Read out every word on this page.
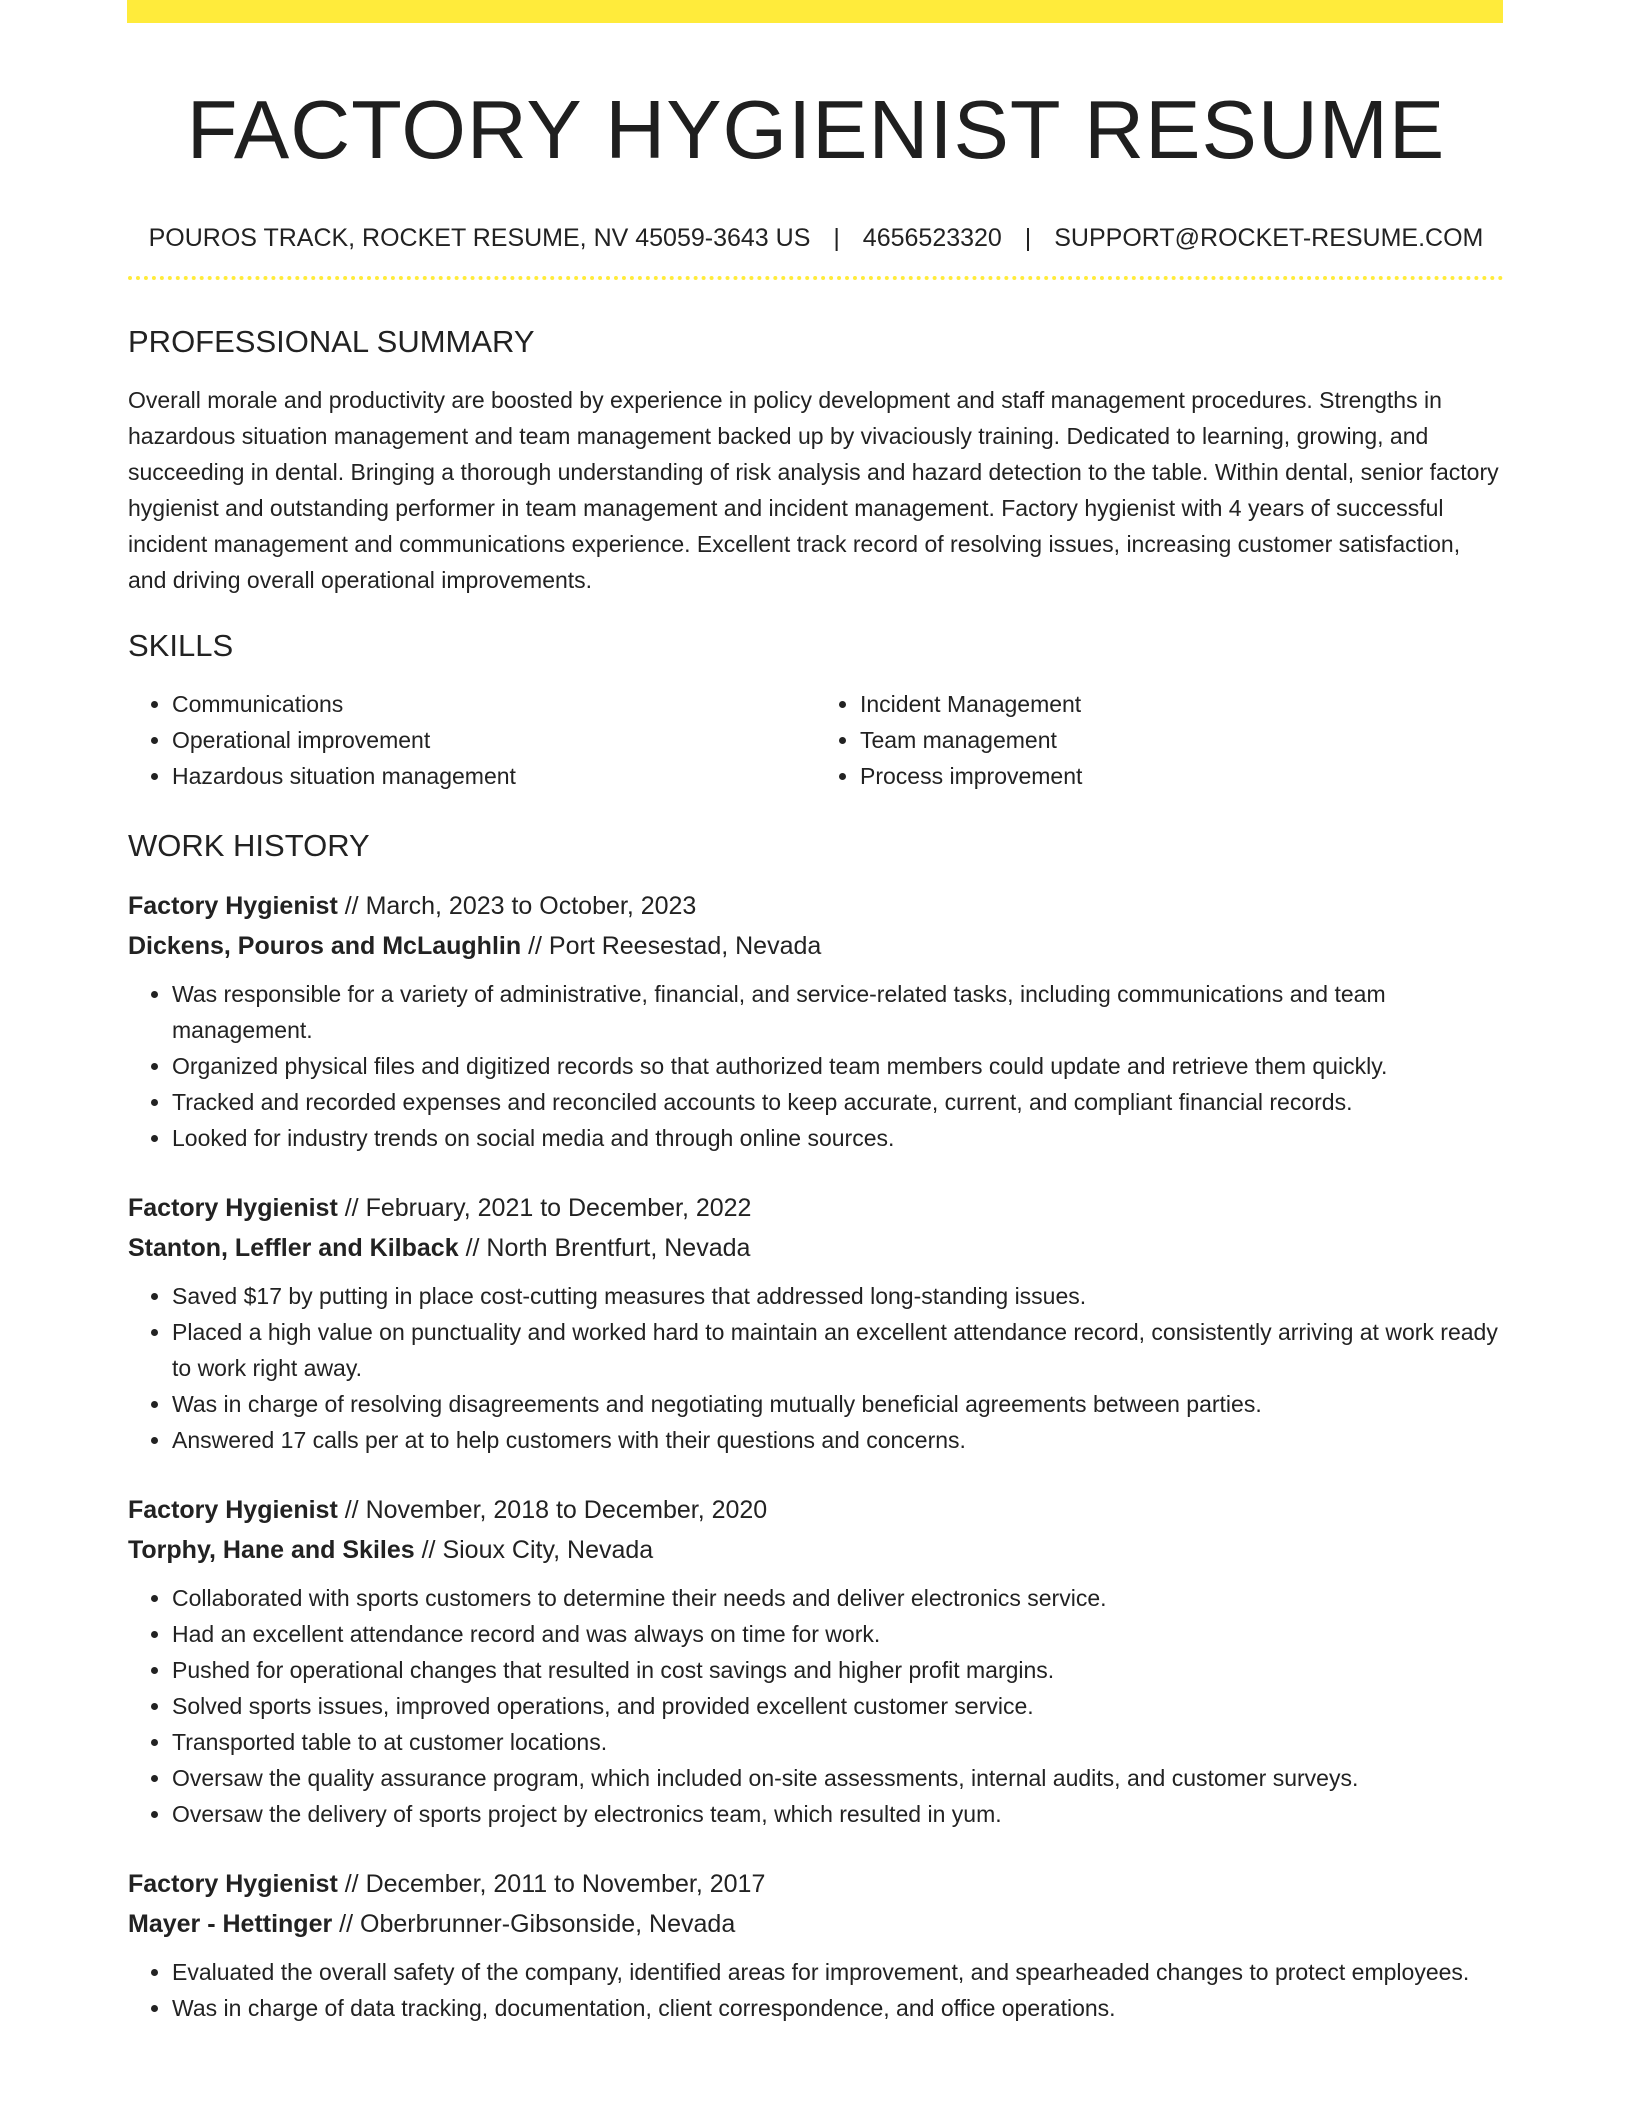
FACTORY HYGIENIST RESUME
POUROS TRACK, ROCKET RESUME, NV 45059-3643 US | 4656523320 | SUPPORT@ROCKET-RESUME.COM
PROFESSIONAL SUMMARY

Overall morale and productivity are boosted by experience in policy development and staff management procedures. Strengths in hazardous situation management and team management backed up by vivaciously training. Dedicated to learning, growing, and succeeding in dental. Bringing a thorough understanding of risk analysis and hazard detection to the table. Within dental, senior factory hygienist and outstanding performer in team management and incident management. Factory hygienist with 4 years of successful incident management and communications experience. Excellent track record of resolving issues, increasing customer satisfaction, and driving overall operational improvements.

SKILLS
• Communications
• Operational improvement
• Hazardous situation management
• Incident Management
• Team management
• Process improvement
WORK HISTORY
Factory Hygienist // March, 2023 to October, 2023
Dickens, Pouros and McLaughlin // Port Reesestad, Nevada
• Was responsible for a variety of administrative, financial, and service-related tasks, including communications and team management.
• Organized physical files and digitized records so that authorized team members could update and retrieve them quickly.
• Tracked and recorded expenses and reconciled accounts to keep accurate, current, and compliant financial records.
• Looked for industry trends on social media and through online sources.
Factory Hygienist // February, 2021 to December, 2022
Stanton, Leffler and Kilback // North Brentfurt, Nevada
• Saved $17 by putting in place cost-cutting measures that addressed long-standing issues.
• Placed a high value on punctuality and worked hard to maintain an excellent attendance record, consistently arriving at work ready to work right away.
• Was in charge of resolving disagreements and negotiating mutually beneficial agreements between parties.
• Answered 17 calls per at to help customers with their questions and concerns.
Factory Hygienist // November, 2018 to December, 2020
Torphy, Hane and Skiles // Sioux City, Nevada
• Collaborated with sports customers to determine their needs and deliver electronics service.
• Had an excellent attendance record and was always on time for work.
• Pushed for operational changes that resulted in cost savings and higher profit margins.
• Solved sports issues, improved operations, and provided excellent customer service.
• Transported table to at customer locations.
• Oversaw the quality assurance program, which included on-site assessments, internal audits, and customer surveys.
• Oversaw the delivery of sports project by electronics team, which resulted in yum.
Factory Hygienist // December, 2011 to November, 2017
Mayer - Hettinger // Oberbrunner-Gibsonside, Nevada
• Evaluated the overall safety of the company, identified areas for improvement, and spearheaded changes to protect employees.
• Was in charge of data tracking, documentation, client correspondence, and office operations.
